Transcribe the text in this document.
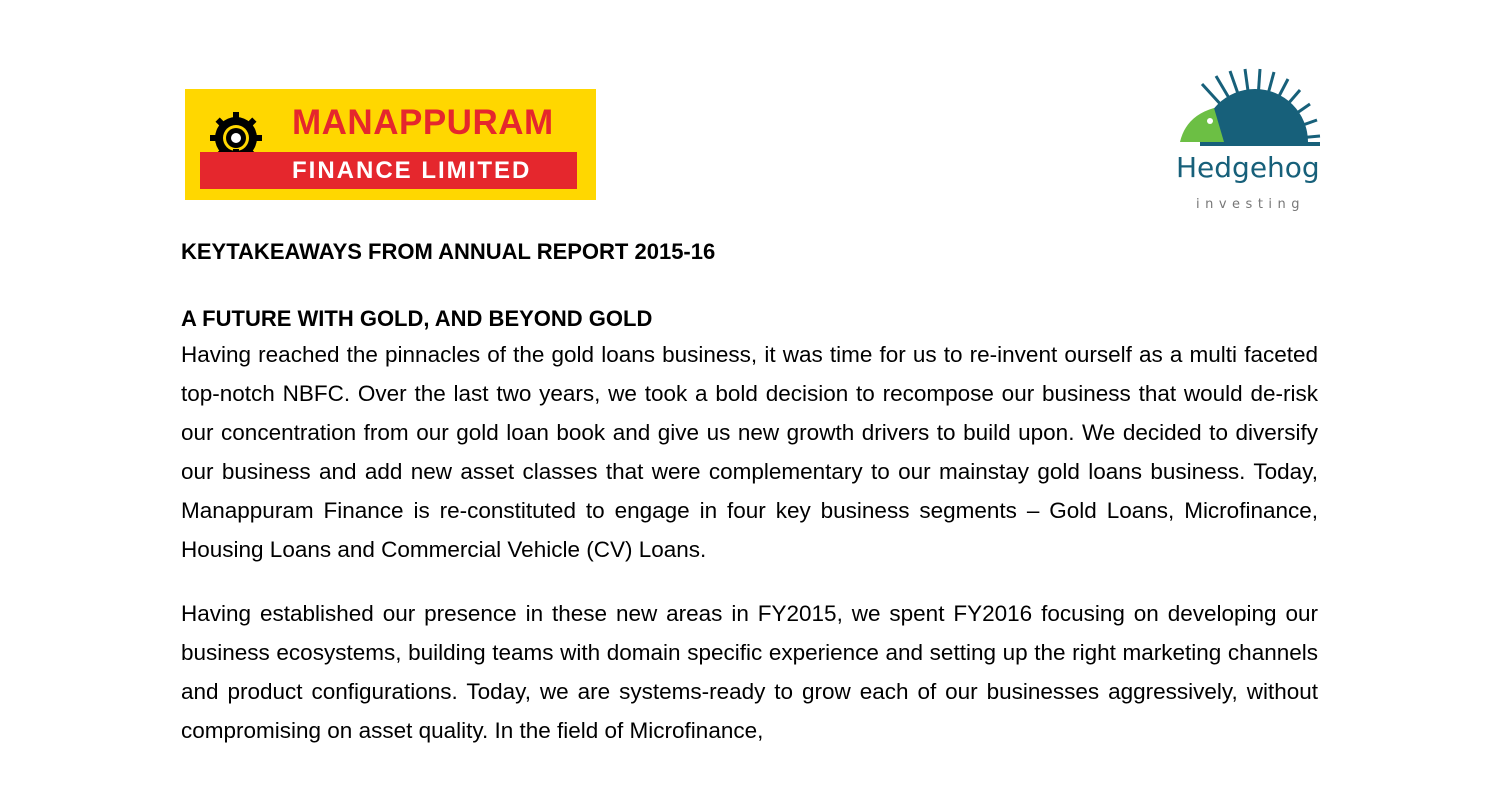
MANAPPURAM
FINANCE LIMITED	Hedgehog
investing
KEYTAKEAWAYS FROM ANNUAL REPORT 2015-16
A FUTURE WITH GOLD, AND BEYOND GOLD

Having reached the pinnacles of the gold loans business, it was time for us to re-invent ourself as a multi faceted top-notch NBFC. Over the last two years, we took a bold decision to recompose our business that would de-risk our concentration from our gold loan book and give us new growth drivers to build upon. We decided to diversify our business and add new asset classes that were complementary to our mainstay gold loans business. Today, Manappuram Finance is re-constituted to engage in four key business segments – Gold Loans, Microfinance, Housing Loans and Commercial Vehicle (CV) Loans.

Having established our presence in these new areas in FY2015, we spent FY2016 focusing on developing our business ecosystems, building teams with domain specific experience and setting up the right marketing channels and product configurations. Today, we are systems-ready to grow each of our businesses aggressively, without compromising on asset quality. In the field of Microfinance,
